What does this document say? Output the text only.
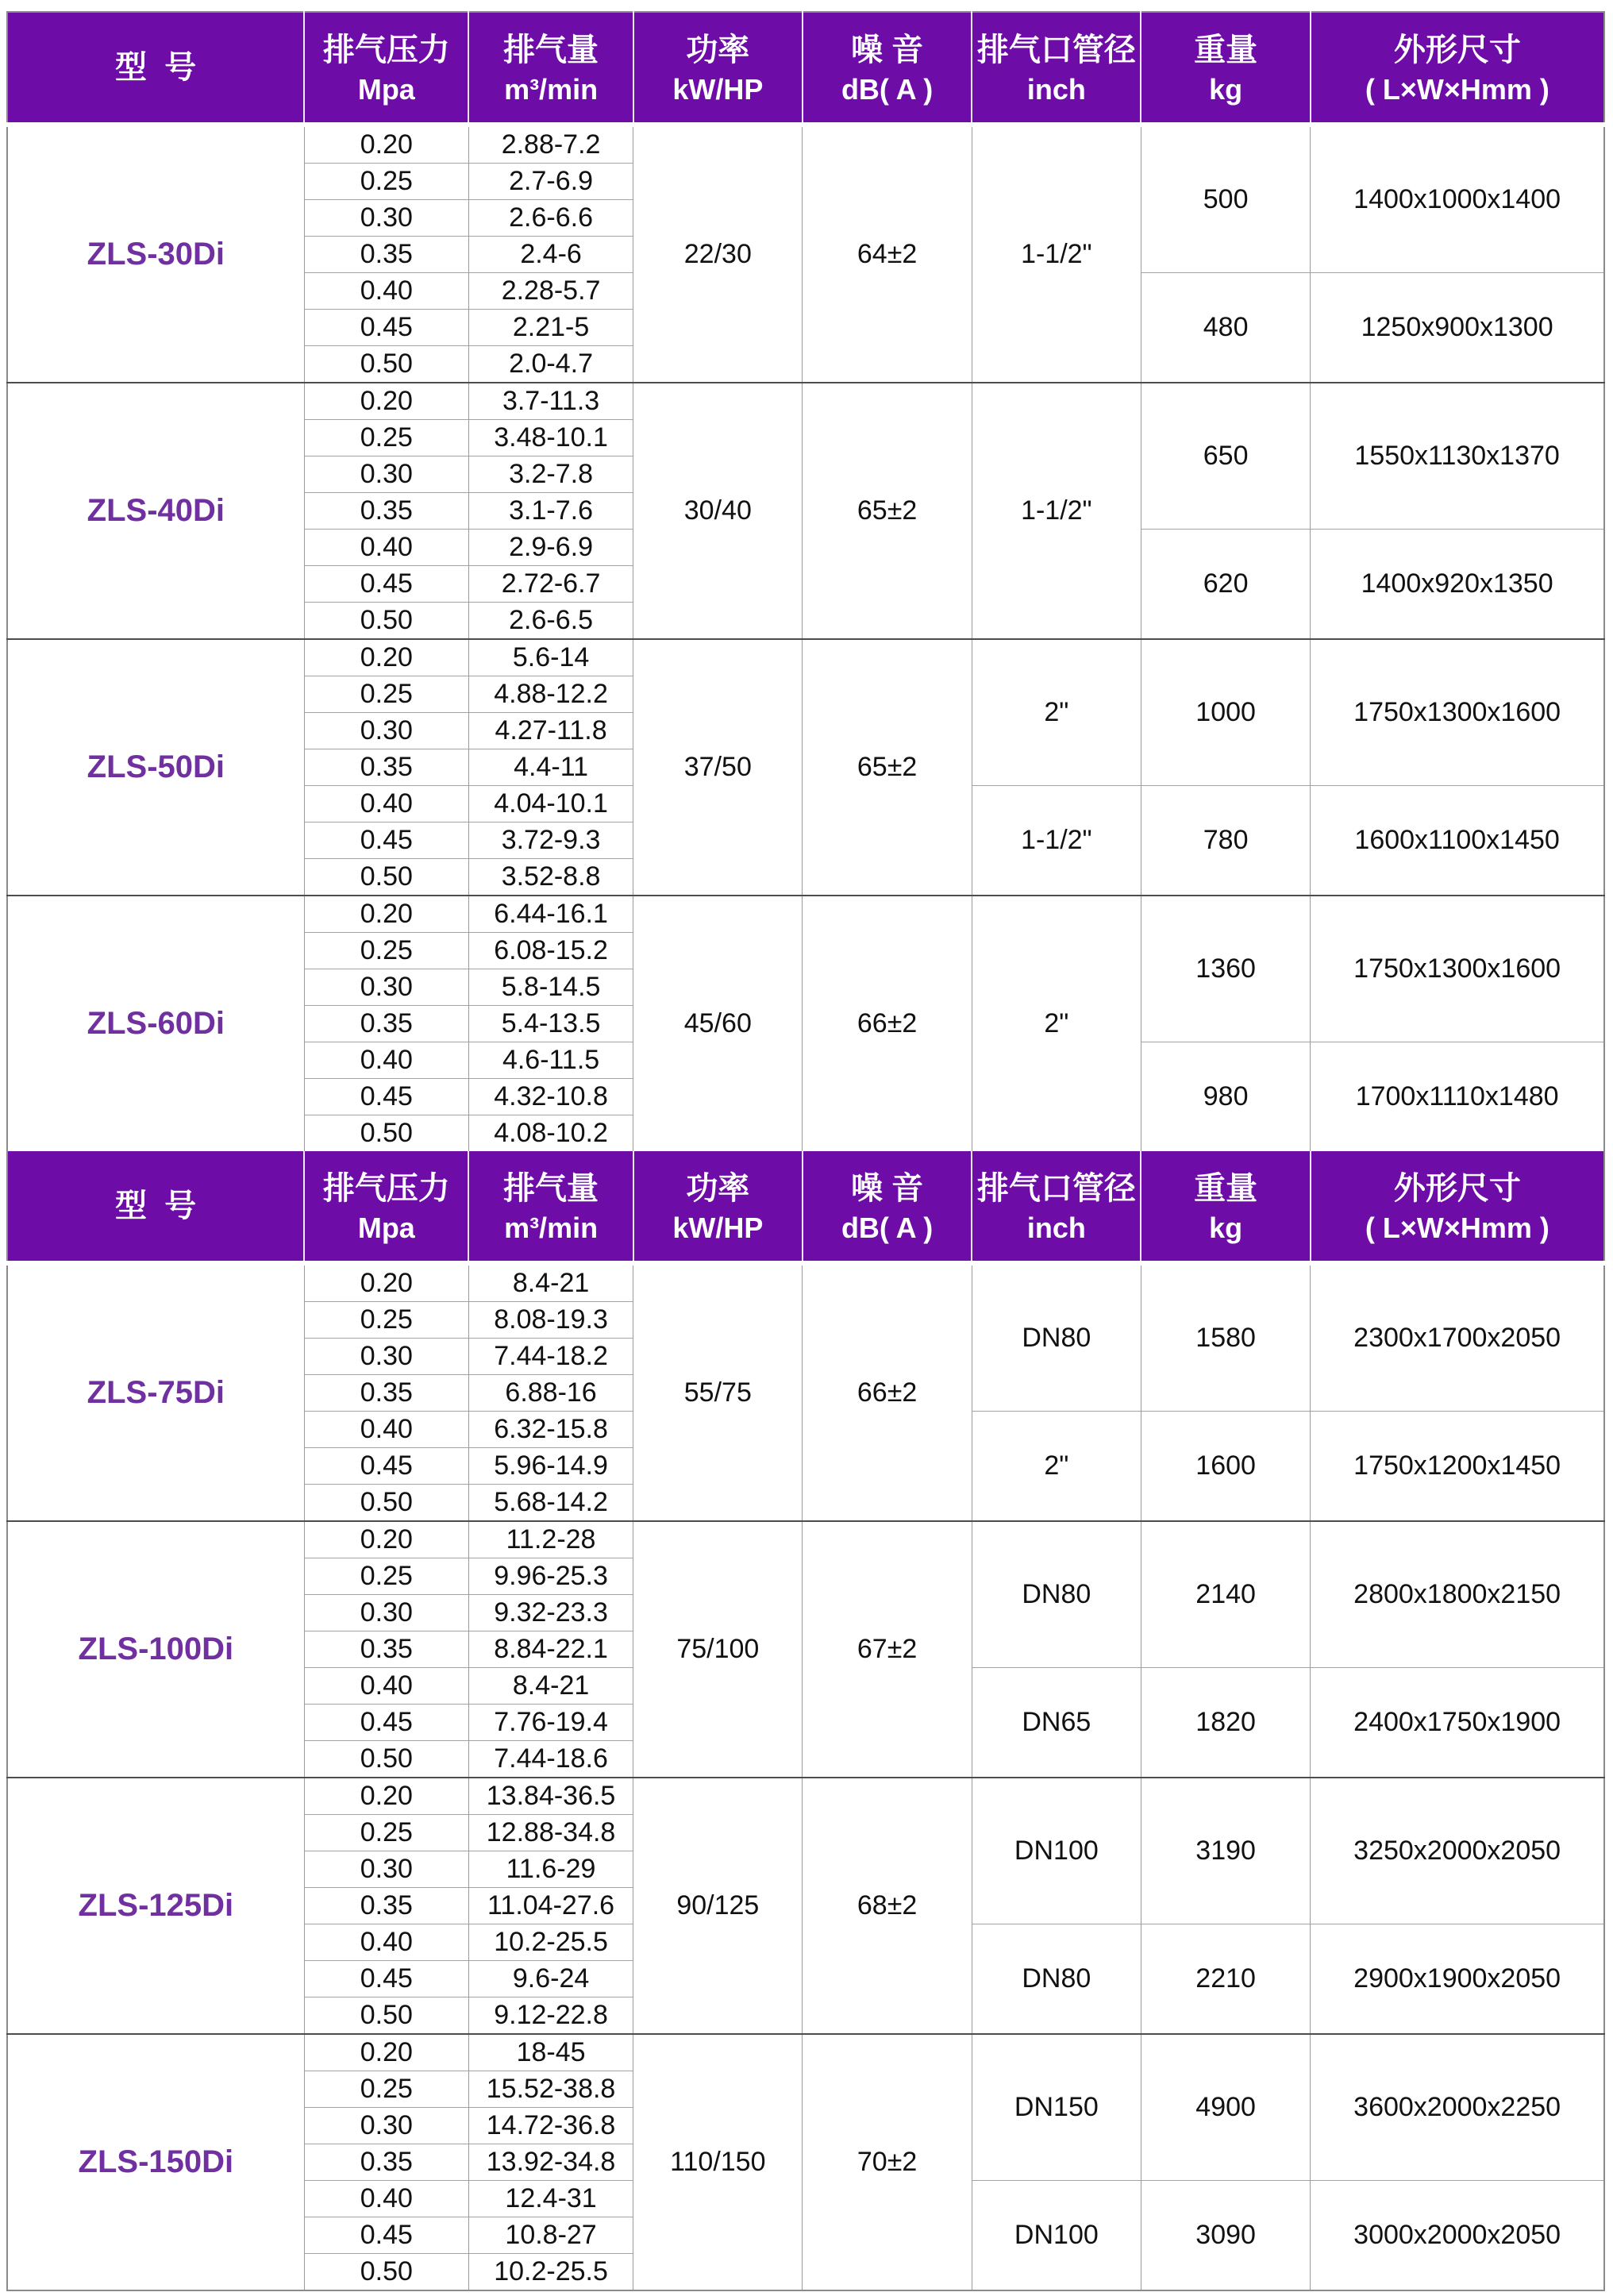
型  号

排气压力
Mpa

排气量
m³/min

功率
kW/HP

噪 音
dB( A )

排气口管径
inch

重量
kg

外形尺寸
( L×W×Hmm )

ZLS-30Di	0.20	2.88-7.2	22/30	64±2	1-1/2"	500	1400x1000x1400
	0.25	2.7-6.9					
	0.30	2.6-6.6					
	0.35	2.4-6					
	0.40	2.28-5.7				480	1250x900x1300
	0.45	2.21-5					
	0.50	2.0-4.7					
ZLS-40Di	0.20	3.7-11.3	30/40	65±2	1-1/2"	650	1550x1130x1370
	0.25	3.48-10.1					
	0.30	3.2-7.8					
	0.35	3.1-7.6					
	0.40	2.9-6.9				620	1400x920x1350
	0.45	2.72-6.7					
	0.50	2.6-6.5					
ZLS-50Di	0.20	5.6-14	37/50	65±2	2"	1000	1750x1300x1600
	0.25	4.88-12.2					
	0.30	4.27-11.8					
	0.35	4.4-11					
	0.40	4.04-10.1			1-1/2"	780	1600x1100x1450
	0.45	3.72-9.3					
	0.50	3.52-8.8					
ZLS-60Di	0.20	6.44-16.1	45/60	66±2	2"	1360	1750x1300x1600
	0.25	6.08-15.2					
	0.30	5.8-14.5					
	0.35	5.4-13.5					
	0.40	4.6-11.5				980	1700x1110x1480
	0.45	4.32-10.8					
	0.50	4.08-10.2					

型  号

排气压力
Mpa

排气量
m³/min

功率
kW/HP

噪 音
dB( A )

排气口管径
inch

重量
kg

外形尺寸
( L×W×Hmm )

ZLS-75Di	0.20	8.4-21	55/75	66±2	DN80	1580	2300x1700x2050
	0.25	8.08-19.3					
	0.30	7.44-18.2					
	0.35	6.88-16					
	0.40	6.32-15.8			2"	1600	1750x1200x1450
	0.45	5.96-14.9					
	0.50	5.68-14.2					
ZLS-100Di	0.20	11.2-28	75/100	67±2	DN80	2140	2800x1800x2150
	0.25	9.96-25.3					
	0.30	9.32-23.3					
	0.35	8.84-22.1					
	0.40	8.4-21			DN65	1820	2400x1750x1900
	0.45	7.76-19.4					
	0.50	7.44-18.6					
ZLS-125Di	0.20	13.84-36.5	90/125	68±2	DN100	3190	3250x2000x2050
	0.25	12.88-34.8					
	0.30	11.6-29					
	0.35	11.04-27.6					
	0.40	10.2-25.5			DN80	2210	2900x1900x2050
	0.45	9.6-24					
	0.50	9.12-22.8					
ZLS-150Di	0.20	18-45	110/150	70±2	DN150	4900	3600x2000x2250
	0.25	15.52-38.8					
	0.30	14.72-36.8					
	0.35	13.92-34.8					
	0.40	12.4-31			DN100	3090	3000x2000x2050
	0.45	10.8-27					
	0.50	10.2-25.5					
